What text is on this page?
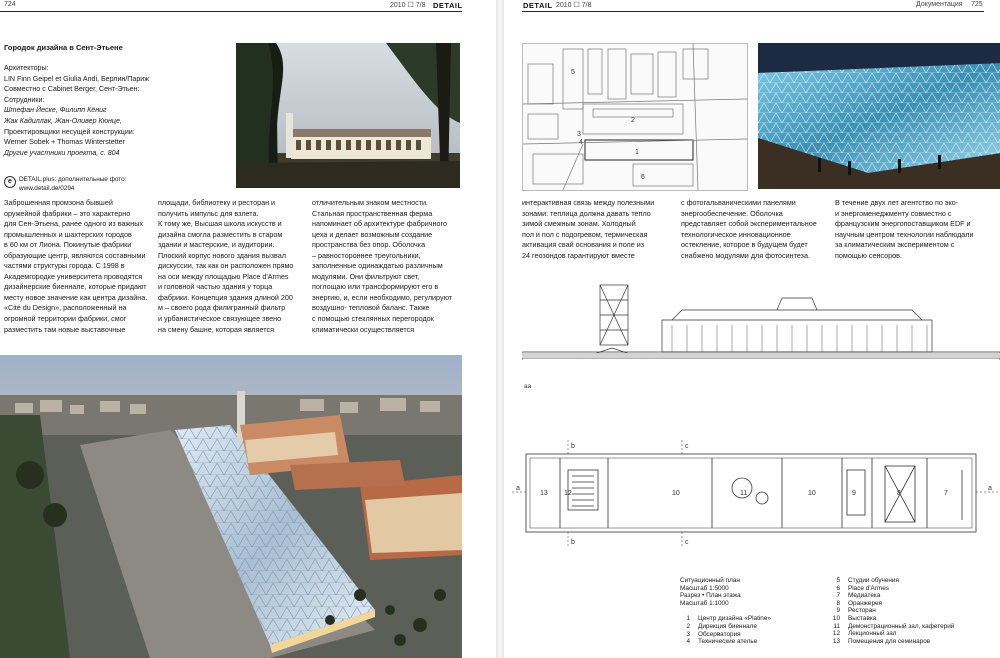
724	2010 ☐ 7/8 DETAIL
Городок дизайна в Сент-Этьене
Архитекторы:
LIN Finn Geipel et Giulia Andi, Берлин/Париж
Совместно с Cabinet Berger, Сент-Этьен:
Сотрудники:
Штефан Йеске, Филипп Кёниг
Жак Кадиллак, Жан-Оливер Кюнце,
Проектировщики несущей конструкции:
Werner Sobek + Thomas Winterstetter
Другие участники проекта, с. 804
e	DETAIL.plus: дополнительные фото:
www.detail.de/0294
Заброшенная промзона бывшей
оружейной фабрики – это характерно
для Сен-Этьена, ранее одного из важных
промышленных и шахтерских городов
в 60 км от Лиона. Покинутые фабрики
образующие центр, являются составными
частями структуры города. С 1998 в
Академгородке университета проводятся
дизайнерские биеннале, которые придают
месту новое значение как центра дизайна.
«Cité du Design», расположенный на
огромной территории фабрики, смог
разместить там новые выставочные
площади, библиотеку и ресторан и
получить импульс для взлета.
К тому же, Высшая школа искусств и
дизайна смогла разместить в старом
здании и мастерские, и аудитории.
Плоский корпус нового здания вызвал
дискуссии, так как он расположен прямо
на оси между площадью Place d'Armes
и головной частью здания у торца
фабрики. Концепция здания длиной 200
м – своего рода филигранный фильтр
и урбанистическое связующее звено
на смену башне, которая является
отличительным знаком местности.
Стальная пространственная ферма
напоминает об архитектуре фабричного
цеха и делает возможным создание
пространства без опор. Оболочка
– равностороннее треугольники,
заполненные одинаждатью различным
модулями. Они фильтруют свет,
поглощаю или трансформируют его в
энергию, и, если необходимо, регулируют
воздушно- тепловой баланс. Также
с помощью стеклянных перегородок
климатически осуществляется
DETAIL 2010 ☐ 7/8	Документация 725
1
2
3
4
5
6
интерактивная связь между полезными
зонами: теплица должна давать тепло
зимой смежным зонам. Холодный
пол и пол с подогревом, термическая
активация свай основания и поле из
24 геозондов гарантируют вместе
с фотогальваническими панелями
энергообеспечение. Оболочка
представляет собой экспериментальное
технологическое инновационное
остекление, которое в будущем будет
снабжено модулями для фотосинтеза.
В течение двух лет агентство по эко-
и энергоменеджменту совместно с
французским энергопоставщиком EDF и
научным центром технологии наблюдали
за климатическим экспериментом с
помощью сенсоров.
aa
13 12	10	11	10	9	8	7
a	a
b
b
c
c
Ситуационный план
Масштаб 1:5000
Разрез • План этажа
Масштаб 1:1000
1 Центр дизайна «Platine»
2 Дирекция биеннале
3 Обсерватория
4 Технические ателье
5 Студии обучения
6 Place d'Armes
7 Медиатека
8 Оранжерея
9 Ресторан
10 Выставка
11 Демонстрационный зал, кафетерий
12 Лекционный зал
13 Помещения для семинаров
